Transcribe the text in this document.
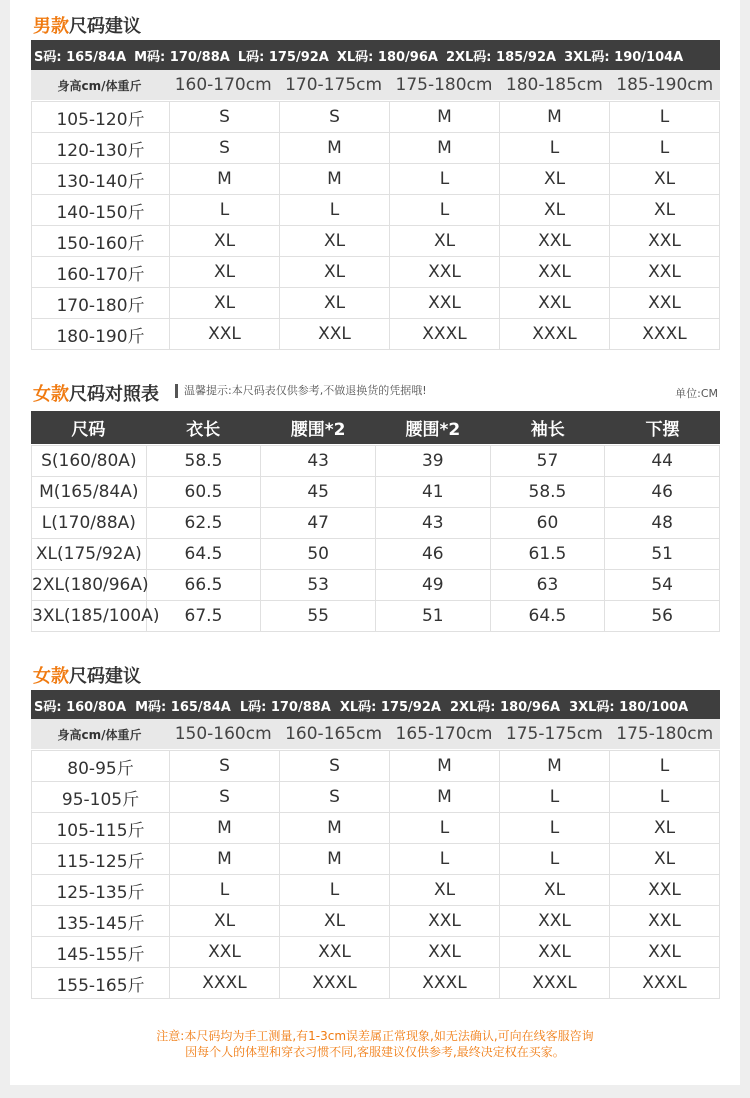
男款尺码建议
S码: 165/84A M码: 170/88A L码: 175/92A XL码: 180/96A 2XL码: 185/92A 3XL码: 190/104A
身高cm/体重斤	160-170cm 170-175cm 175-180cm 180-185cm 185-190cm
105-120斤	S	S	M	M	L
120-130斤	S	M	M	L	L
130-140斤	M	M	L	XL	XL
140-150斤	L	L	L	XL	XL
150-160斤	XL	XL	XL	XXL	XXL
160-170斤	XL	XL	XXL	XXL	XXL
170-180斤	XL	XL	XXL	XXL	XXL
180-190斤	XXL	XXL	XXXL	XXXL	XXXL
女款尺码对照表	温馨提示:本尺码表仅供参考,不做退换货的凭据哦!	单位:CM
尺码	衣长	腰围*2	腰围*2	袖长	下摆
S(160/80A)	58.5	43	39	57	44
M(165/84A)	60.5	45	41	58.5	46
L(170/88A)	62.5	47	43	60	48
XL(175/92A)	64.5	50	46	61.5	51
2XL(180/96A)	66.5	53	49	63	54
3XL(185/100A)	67.5	55	51	64.5	56
女款尺码建议
S码: 160/80A M码: 165/84A L码: 170/88A XL码: 175/92A 2XL码: 180/96A 3XL码: 180/100A
身高cm/体重斤	150-160cm 160-165cm 165-170cm 175-175cm 175-180cm
80-95斤	S	S	M	M	L
95-105斤	S	S	M	L	L
105-115斤	M	M	L	L	XL
115-125斤	M	M	L	L	XL
125-135斤	L	L	XL	XL	XXL
135-145斤	XL	XL	XXL	XXL	XXL
145-155斤	XXL	XXL	XXL	XXL	XXL
155-165斤	XXXL	XXXL	XXXL	XXXL	XXXL
注意:本尺码均为手工测量,有1-3cm误差属正常现象,如无法确认,可向在线客服咨询
因每个人的体型和穿衣习惯不同,客服建议仅供参考,最终决定权在买家。
